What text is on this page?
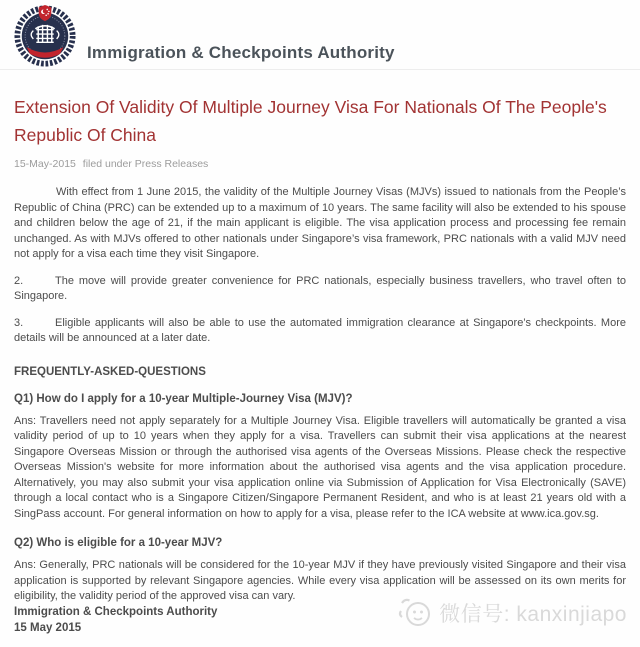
Immigration & Checkpoints Authority
Extension Of Validity Of Multiple Journey Visa For Nationals Of The People's Republic Of China
15-May-2015 filed under Press Releases

With effect from 1 June 2015, the validity of the Multiple Journey Visas (MJVs) issued to nationals from the People’s Republic of China (PRC) can be extended up to a maximum of 10 years. The same facility will also be extended to his spouse and children below the age of 21, if the main applicant is eligible. The visa application process and processing fee remain unchanged. As with MJVs offered to other nationals under Singapore’s visa framework, PRC nationals with a valid MJV need not apply for a visa each time they visit Singapore.

2.	The move will provide greater convenience for PRC nationals, especially business travellers, who travel often to Singapore.

3.	Eligible applicants will also be able to use the automated immigration clearance at Singapore’s checkpoints. More details will be announced at a later date.

FREQUENTLY-ASKED-QUESTIONS

Q1) How do I apply for a 10-year Multiple-Journey Visa (MJV)?

Ans: Travellers need not apply separately for a Multiple Journey Visa. Eligible travellers will automatically be granted a visa validity period of up to 10 years when they apply for a visa. Travellers can submit their visa applications at the nearest Singapore Overseas Mission or through the authorised visa agents of the Overseas Missions. Please check the respective Overseas Mission's website for more information about the authorised visa agents and the visa application procedure. Alternatively, you may also submit your visa application online via Submission of Application for Visa Electronically (SAVE) through a local contact who is a Singapore Citizen/Singapore Permanent Resident, and who is at least 21 years old with a SingPass account. For general information on how to apply for a visa, please refer to the ICA website at www.ica.gov.sg.

Q2) Who is eligible for a 10-year MJV?

Ans: Generally, PRC nationals will be considered for the 10-year MJV if they have previously visited Singapore and their visa application is supported by relevant Singapore agencies. While every visa application will be assessed on its own merits for eligibility, the validity period of the approved visa can vary.

Immigration & Checkpoints Authority
15 May 2015
微信号: kanxinjiapo
